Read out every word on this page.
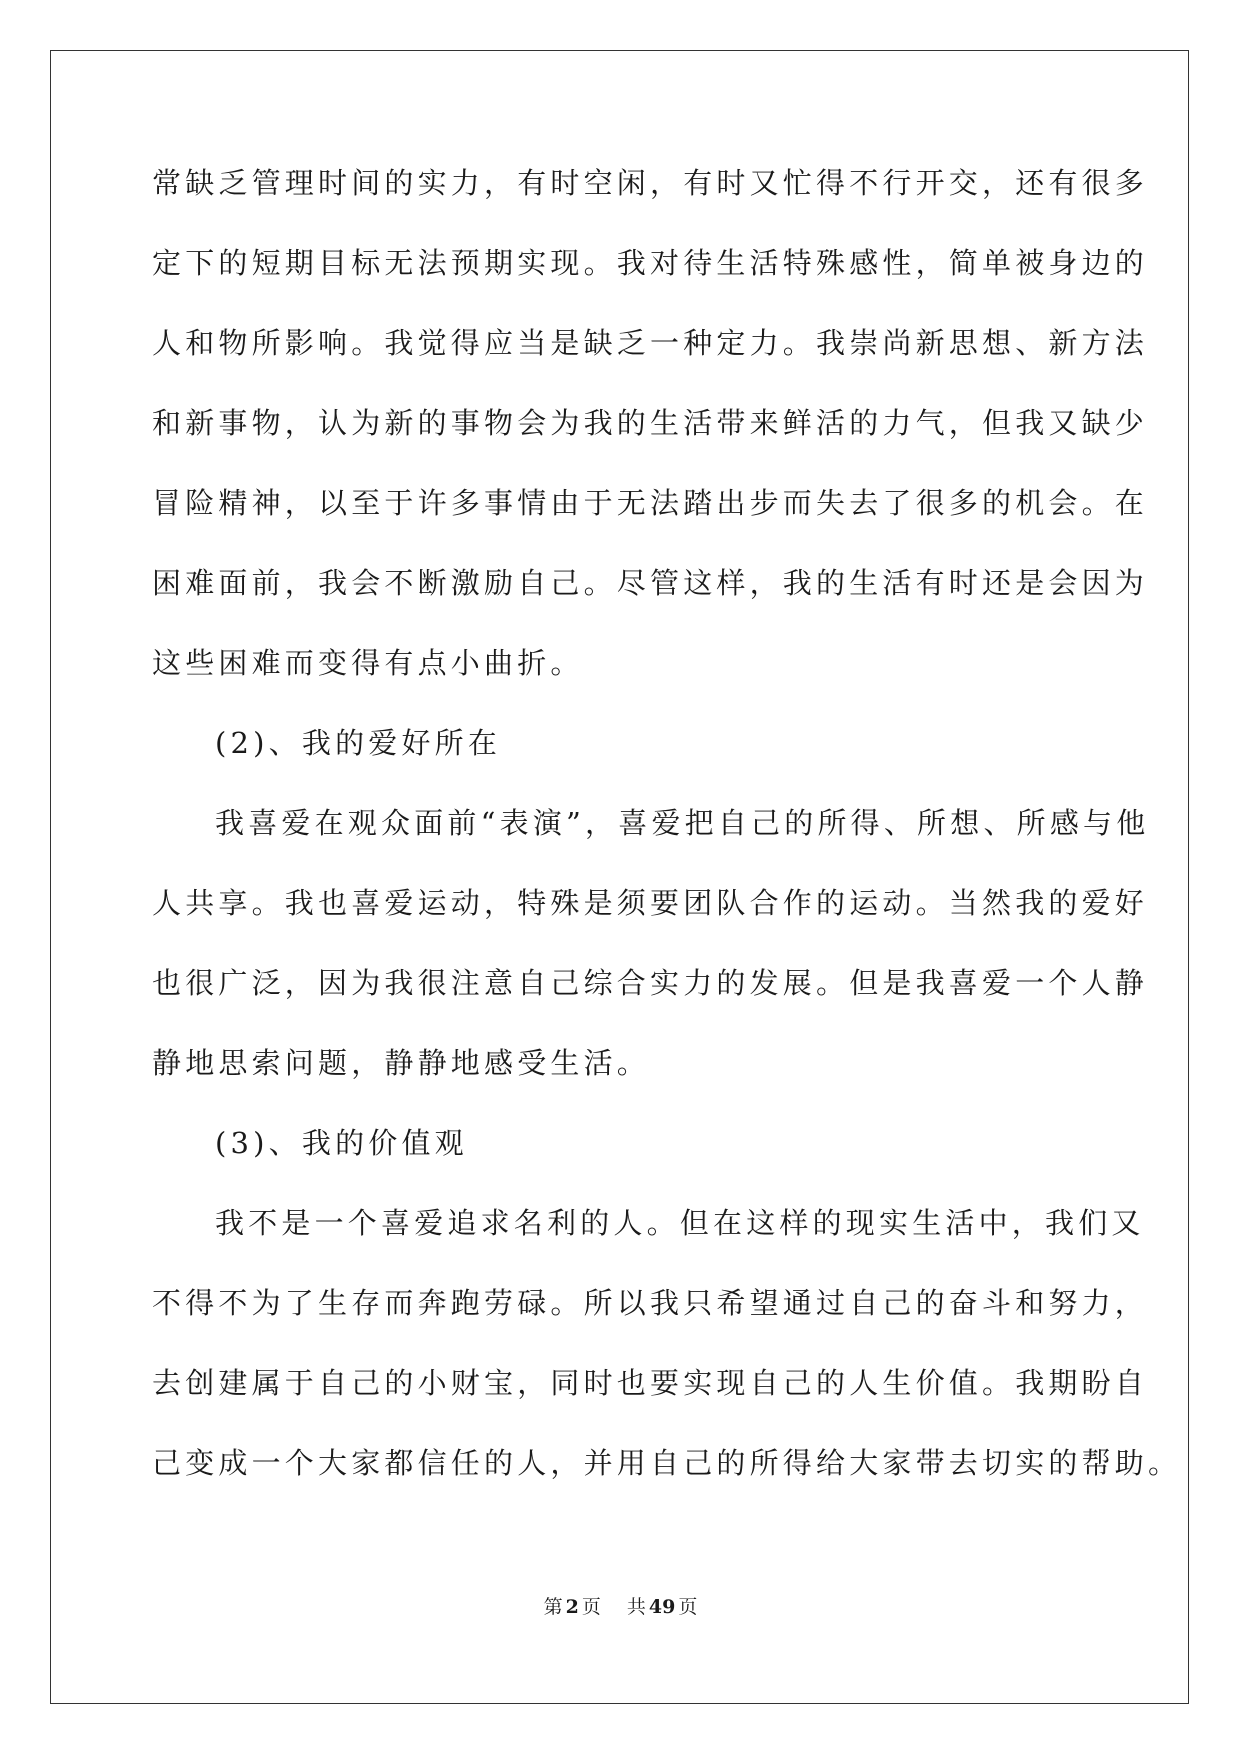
常缺乏管理时间的实力，有时空闲，有时又忙得不行开交，还有很多
定下的短期目标无法预期实现。我对待生活特殊感性，简单被身边的
人和物所影响。我觉得应当是缺乏一种定力。我崇尚新思想、新方法
和新事物，认为新的事物会为我的生活带来鲜活的力气，但我又缺少
冒险精神，以至于许多事情由于无法踏出步而失去了很多的机会。在
困难面前，我会不断激励自己。尽管这样，我的生活有时还是会因为
这些困难而变得有点小曲折。
(2)、我的爱好所在
我喜爱在观众面前“表演”，喜爱把自己的所得、所想、所感与他
人共享。我也喜爱运动，特殊是须要团队合作的运动。当然我的爱好
也很广泛，因为我很注意自己综合实力的发展。但是我喜爱一个人静
静地思索问题，静静地感受生活。
(3)、我的价值观
我不是一个喜爱追求名利的人。但在这样的现实生活中，我们又
不得不为了生存而奔跑劳碌。所以我只希望通过自己的奋斗和努力，
去创建属于自己的小财宝，同时也要实现自己的人生价值。我期盼自
己变成一个大家都信任的人，并用自己的所得给大家带去切实的帮助。
第 2 页 共 49 页
